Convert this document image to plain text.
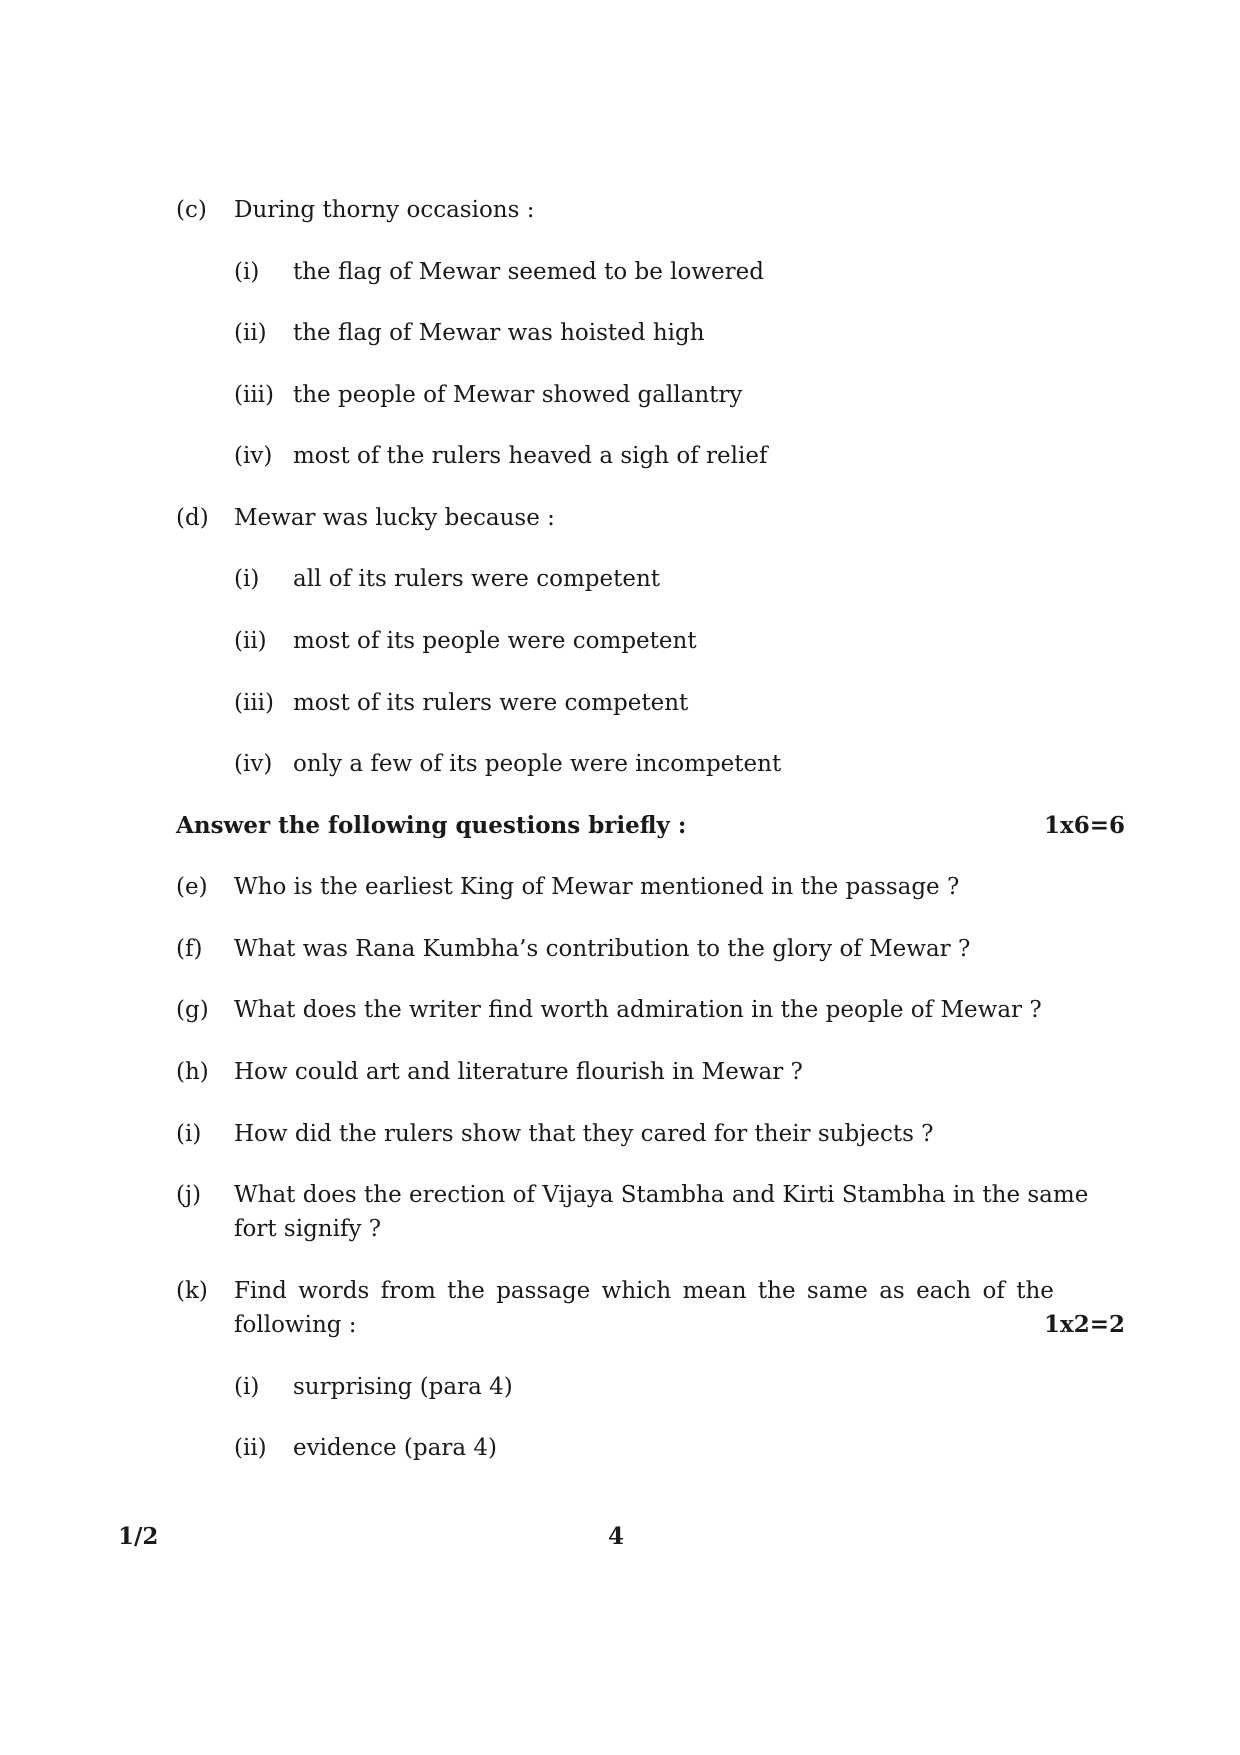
(c) During thorny occasions :
(i) the flag of Mewar seemed to be lowered
(ii) the flag of Mewar was hoisted high
(iii) the people of Mewar showed gallantry
(iv) most of the rulers heaved a sigh of relief
(d) Mewar was lucky because :
(i) all of its rulers were competent
(ii) most of its people were competent
(iii) most of its rulers were competent
(iv) only a few of its people were incompetent
Answer the following questions briefly :	1x6=6
(e) Who is the earliest King of Mewar mentioned in the passage ?
(f) What was Rana Kumbha’s contribution to the glory of Mewar ?
(g) What does the writer find worth admiration in the people of Mewar ?
(h) How could art and literature flourish in Mewar ?
(i) How did the rulers show that they cared for their subjects ?
(j) What does the erection of Vijaya Stambha and Kirti Stambha in the same
fort signify ?
(k) Find words from the passage which mean the same as each of the
following :	1x2=2
(i) surprising (para 4)
(ii) evidence (para 4)
1/2	4
